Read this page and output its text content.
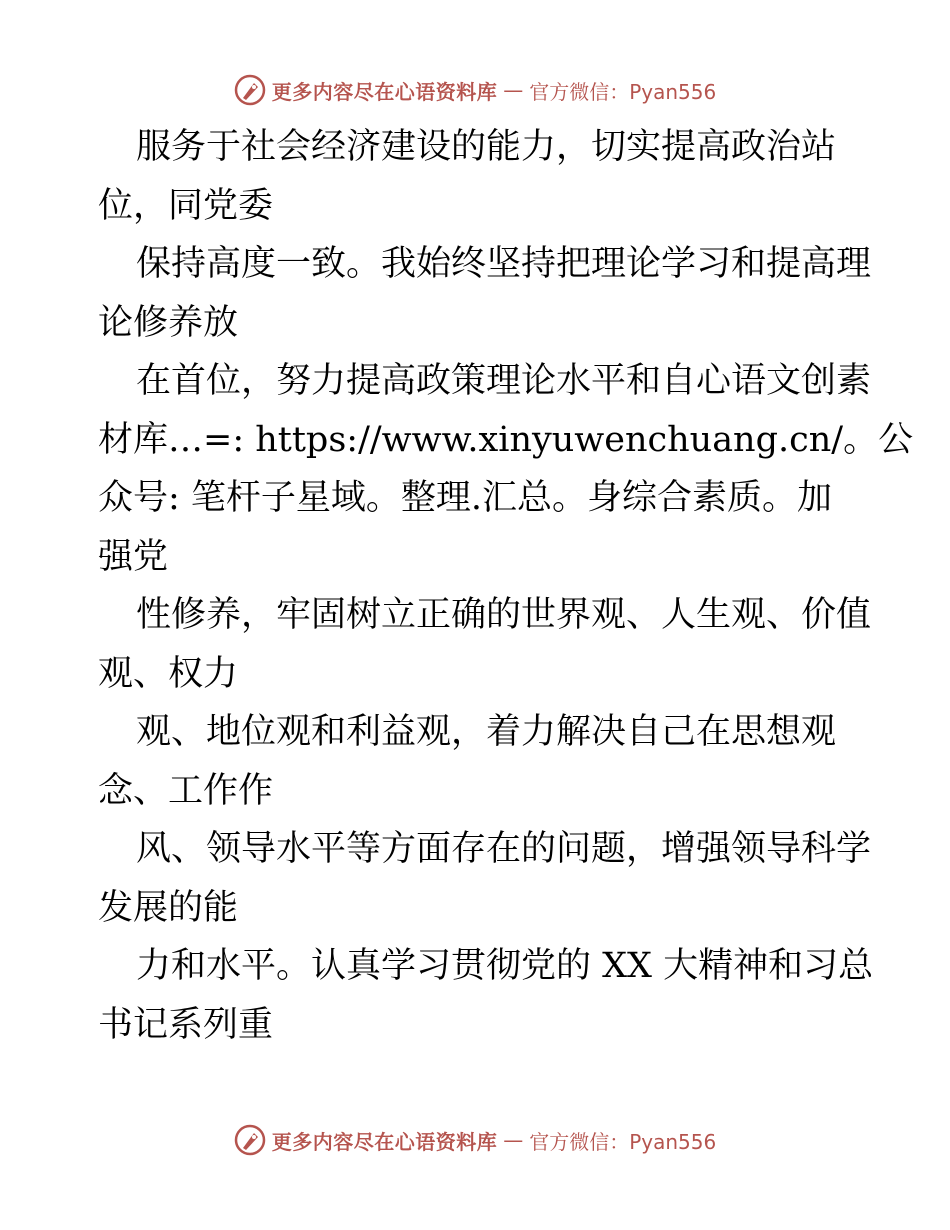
更多内容尽在心语资料库 — 官方微信：Pyan556
服务于社会经济建设的能力，切实提高政治站
位，同党委
保持高度一致。我始终坚持把理论学习和提高理
论修养放
在首位，努力提高政策理论水平和自心语文创素
材库…=: https://www.xinyuwenchuang.cn/。公
众号: 笔杆子星域。整理.汇总。身综合素质。加
强党
性修养，牢固树立正确的世界观、人生观、价值
观、权力
观、地位观和利益观，着力解决自己在思想观
念、工作作
风、领导水平等方面存在的问题，增强领导科学
发展的能
力和水平。认真学习贯彻党的 XX 大精神和习总
书记系列重
更多内容尽在心语资料库 — 官方微信：Pyan556
